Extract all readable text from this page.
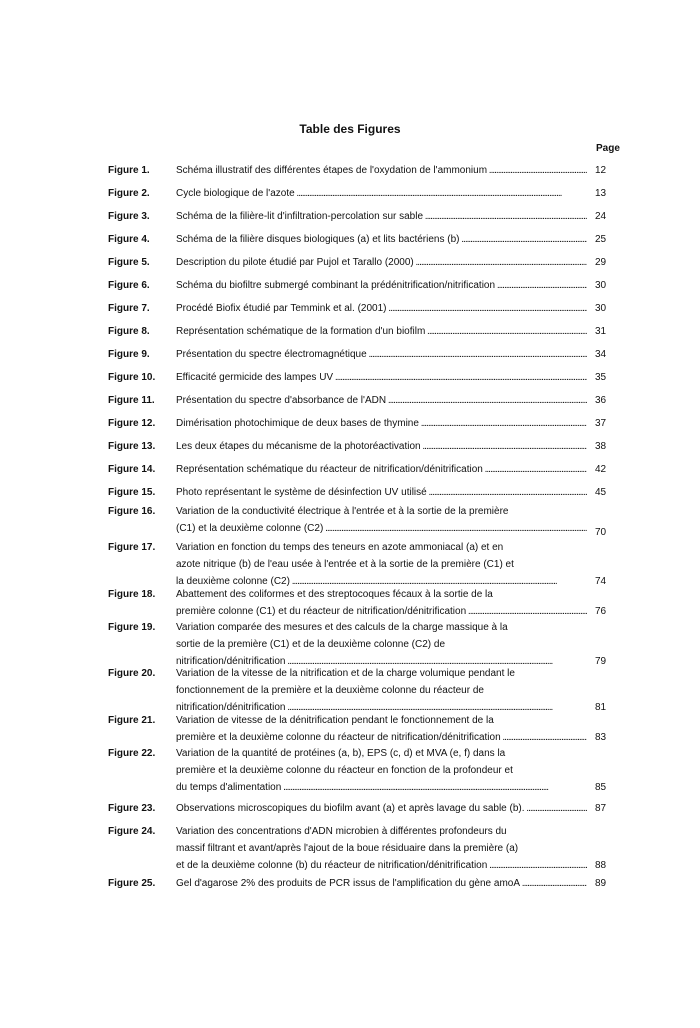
Table des Figures
Page
Figure 1.	Schéma illustratif des différentes étapes de l'oxydation de l'ammonium .....	12
Figure 2.	Cycle biologique de l'azote .....	13
Figure 3.	Schéma de la filière-lit d'infiltration-percolation sur sable .....	24
Figure 4.	Schéma de la filière disques biologiques (a) et lits bactériens (b) .....	25
Figure 5.	Description du pilote étudié par Pujol et Tarallo (2000) .....	29
Figure 6.	Schéma du biofiltre submergé combinant la prédénitrification/nitrification .....	30
Figure 7.	Procédé Biofix étudié par Temmink et al. (2001) .....	30
Figure 8.	Représentation schématique de la formation d'un biofilm .....	31
Figure 9.	Présentation du spectre électromagnétique .....	34
Figure 10. Efficacité germicide des lampes UV .....	35
Figure 11. Présentation du spectre d'absorbance de l'ADN .....	36
Figure 12. Dimérisation photochimique de deux bases de thymine .....	37
Figure 13. Les deux étapes du mécanisme de la photoréactivation .....	38
Figure 14. Représentation schématique du réacteur de nitrification/dénitrification .....	42
Figure 15. Photo représentant le système de désinfection UV utilisé .....	45
Figure 16. Variation de la conductivité électrique à l'entrée et à la sortie de la première
(C1) et la deuxième colonne (C2) .....	70
Figure 17. Variation en fonction du temps des teneurs en azote ammoniacal (a) et en
azote nitrique (b) de l'eau usée à l'entrée et à la sortie de la première (C1) et
la deuxième colonne (C2) .....	74
Figure 18. Abattement des coliformes et des streptocoques fécaux à la sortie de la
première colonne (C1) et du réacteur de nitrification/dénitrification .....	76
Figure 19. Variation comparée des mesures et des calculs de la charge massique à la
sortie de la première (C1) et de la deuxième colonne (C2) de
nitrification/dénitrification .....	79
Figure 20. Variation de la vitesse de la nitrification et de la charge volumique pendant le
fonctionnement de la première et la deuxième colonne du réacteur de
nitrification/dénitrification .....	81
Figure 21. Variation de vitesse de la dénitrification pendant le fonctionnement de la
première et la deuxième colonne du réacteur de nitrification/dénitrification .....	83
Figure 22. Variation de la quantité de protéines (a, b), EPS (c, d) et MVA (e, f) dans la
première et la deuxième colonne du réacteur en fonction de la profondeur et
du temps d'alimentation .....	85
Figure 23. Observations microscopiques du biofilm avant (a) et après lavage du sable (b). .....	87
Figure 24. Variation des concentrations d'ADN microbien à différentes profondeurs du
massif filtrant et avant/après l'ajout de la boue résiduaire dans la première (a)
et de la deuxième colonne (b) du réacteur de nitrification/dénitrification .....	88
Figure 25. Gel d'agarose 2% des produits de PCR issus de l'amplification du gène amoA .....	89
